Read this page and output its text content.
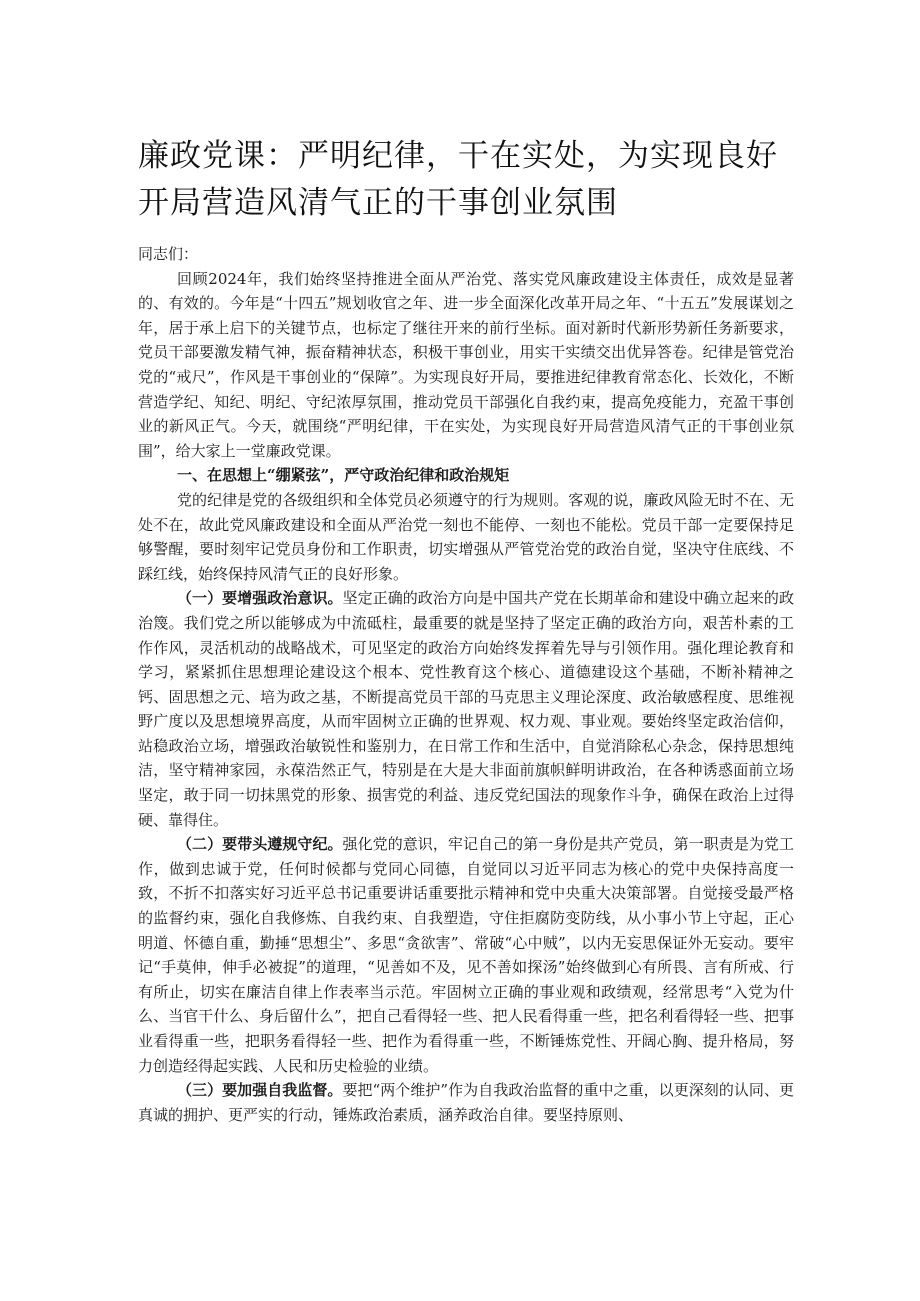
廉政党课：严明纪律，干在实处，为实现良好开局营造风清气正的干事创业氛围

同志们：

回顾2024年，我们始终坚持推进全面从严治党、落实党风廉政建设主体责任，成效是显著的、有效的。今年是“十四五”规划收官之年、进一步全面深化改革开局之年、“十五五”发展谋划之年，居于承上启下的关键节点，也标定了继往开来的前行坐标。面对新时代新形势新任务新要求，党员干部要激发精气神，振奋精神状态，积极干事创业，用实干实绩交出优异答卷。纪律是管党治党的“戒尺”，作风是干事创业的“保障”。为实现良好开局，要推进纪律教育常态化、长效化，不断营造学纪、知纪、明纪、守纪浓厚氛围，推动党员干部强化自我约束，提高免疫能力，充盈干事创业的新风正气。今天，就围绕“严明纪律，干在实处，为实现良好开局营造风清气正的干事创业氛围”，给大家上一堂廉政党课。

一、在思想上“绷紧弦”，严守政治纪律和政治规矩

党的纪律是党的各级组织和全体党员必须遵守的行为规则。客观的说，廉政风险无时不在、无处不在，故此党风廉政建设和全面从严治党一刻也不能停、一刻也不能松。党员干部一定要保持足够警醒，要时刻牢记党员身份和工作职责，切实增强从严管党治党的政治自觉，坚决守住底线、不踩红线，始终保持风清气正的良好形象。

（一）要增强政治意识。坚定正确的政治方向是中国共产党在长期革命和建设中确立起来的政治篾。我们党之所以能够成为中流砥柱，最重要的就是坚持了坚定正确的政治方向，艰苦朴素的工作作风，灵活机动的战略战术，可见坚定的政治方向始终发挥着先导与引领作用。强化理论教育和学习，紧紧抓住思想理论建设这个根本、党性教育这个核心、道德建设这个基础，不断补精神之钙、固思想之元、培为政之基，不断提高党员干部的马克思主义理论深度、政治敏感程度、思维视野广度以及思想境界高度，从而牢固树立正确的世界观、权力观、事业观。要始终坚定政治信仰，站稳政治立场，增强政治敏锐性和鉴别力，在日常工作和生活中，自觉消除私心杂念，保持思想纯洁，坚守精神家园，永葆浩然正气，特别是在大是大非面前旗帜鲜明讲政治，在各种诱惑面前立场坚定，敢于同一切抹黑党的形象、损害党的利益、违反党纪国法的现象作斗争，确保在政治上过得硬、靠得住。

（二）要带头遵规守纪。强化党的意识，牢记自己的第一身份是共产党员，第一职责是为党工作，做到忠诚于党，任何时候都与党同心同德，自觉同以习近平同志为核心的党中央保持高度一致，不折不扣落实好习近平总书记重要讲话重要批示精神和党中央重大决策部署。自觉接受最严格的监督约束，强化自我修炼、自我约束、自我塑造，守住拒腐防变防线，从小事小节上守起，正心明道、怀德自重，勤捶“思想尘”、多思“贪欲害”、常破“心中贼”，以内无妄思保证外无妄动。要牢记“手莫伸，伸手必被捉”的道理，“见善如不及，见不善如探汤”始终做到心有所畏、言有所戒、行有所止，切实在廉洁自律上作表率当示范。牢固树立正确的事业观和政绩观，经常思考“入党为什么、当官干什么、身后留什么”，把自己看得轻一些、把人民看得重一些，把名利看得轻一些、把事业看得重一些，把职务看得轻一些、把作为看得重一些，不断锤炼党性、开阔心胸、提升格局，努力创造经得起实践、人民和历史检验的业绩。

（三）要加强自我监督。要把“两个维护”作为自我政治监督的重中之重，以更深刻的认同、更真诚的拥护、更严实的行动，锤炼政治素质，涵养政治自律。要坚持原则、
